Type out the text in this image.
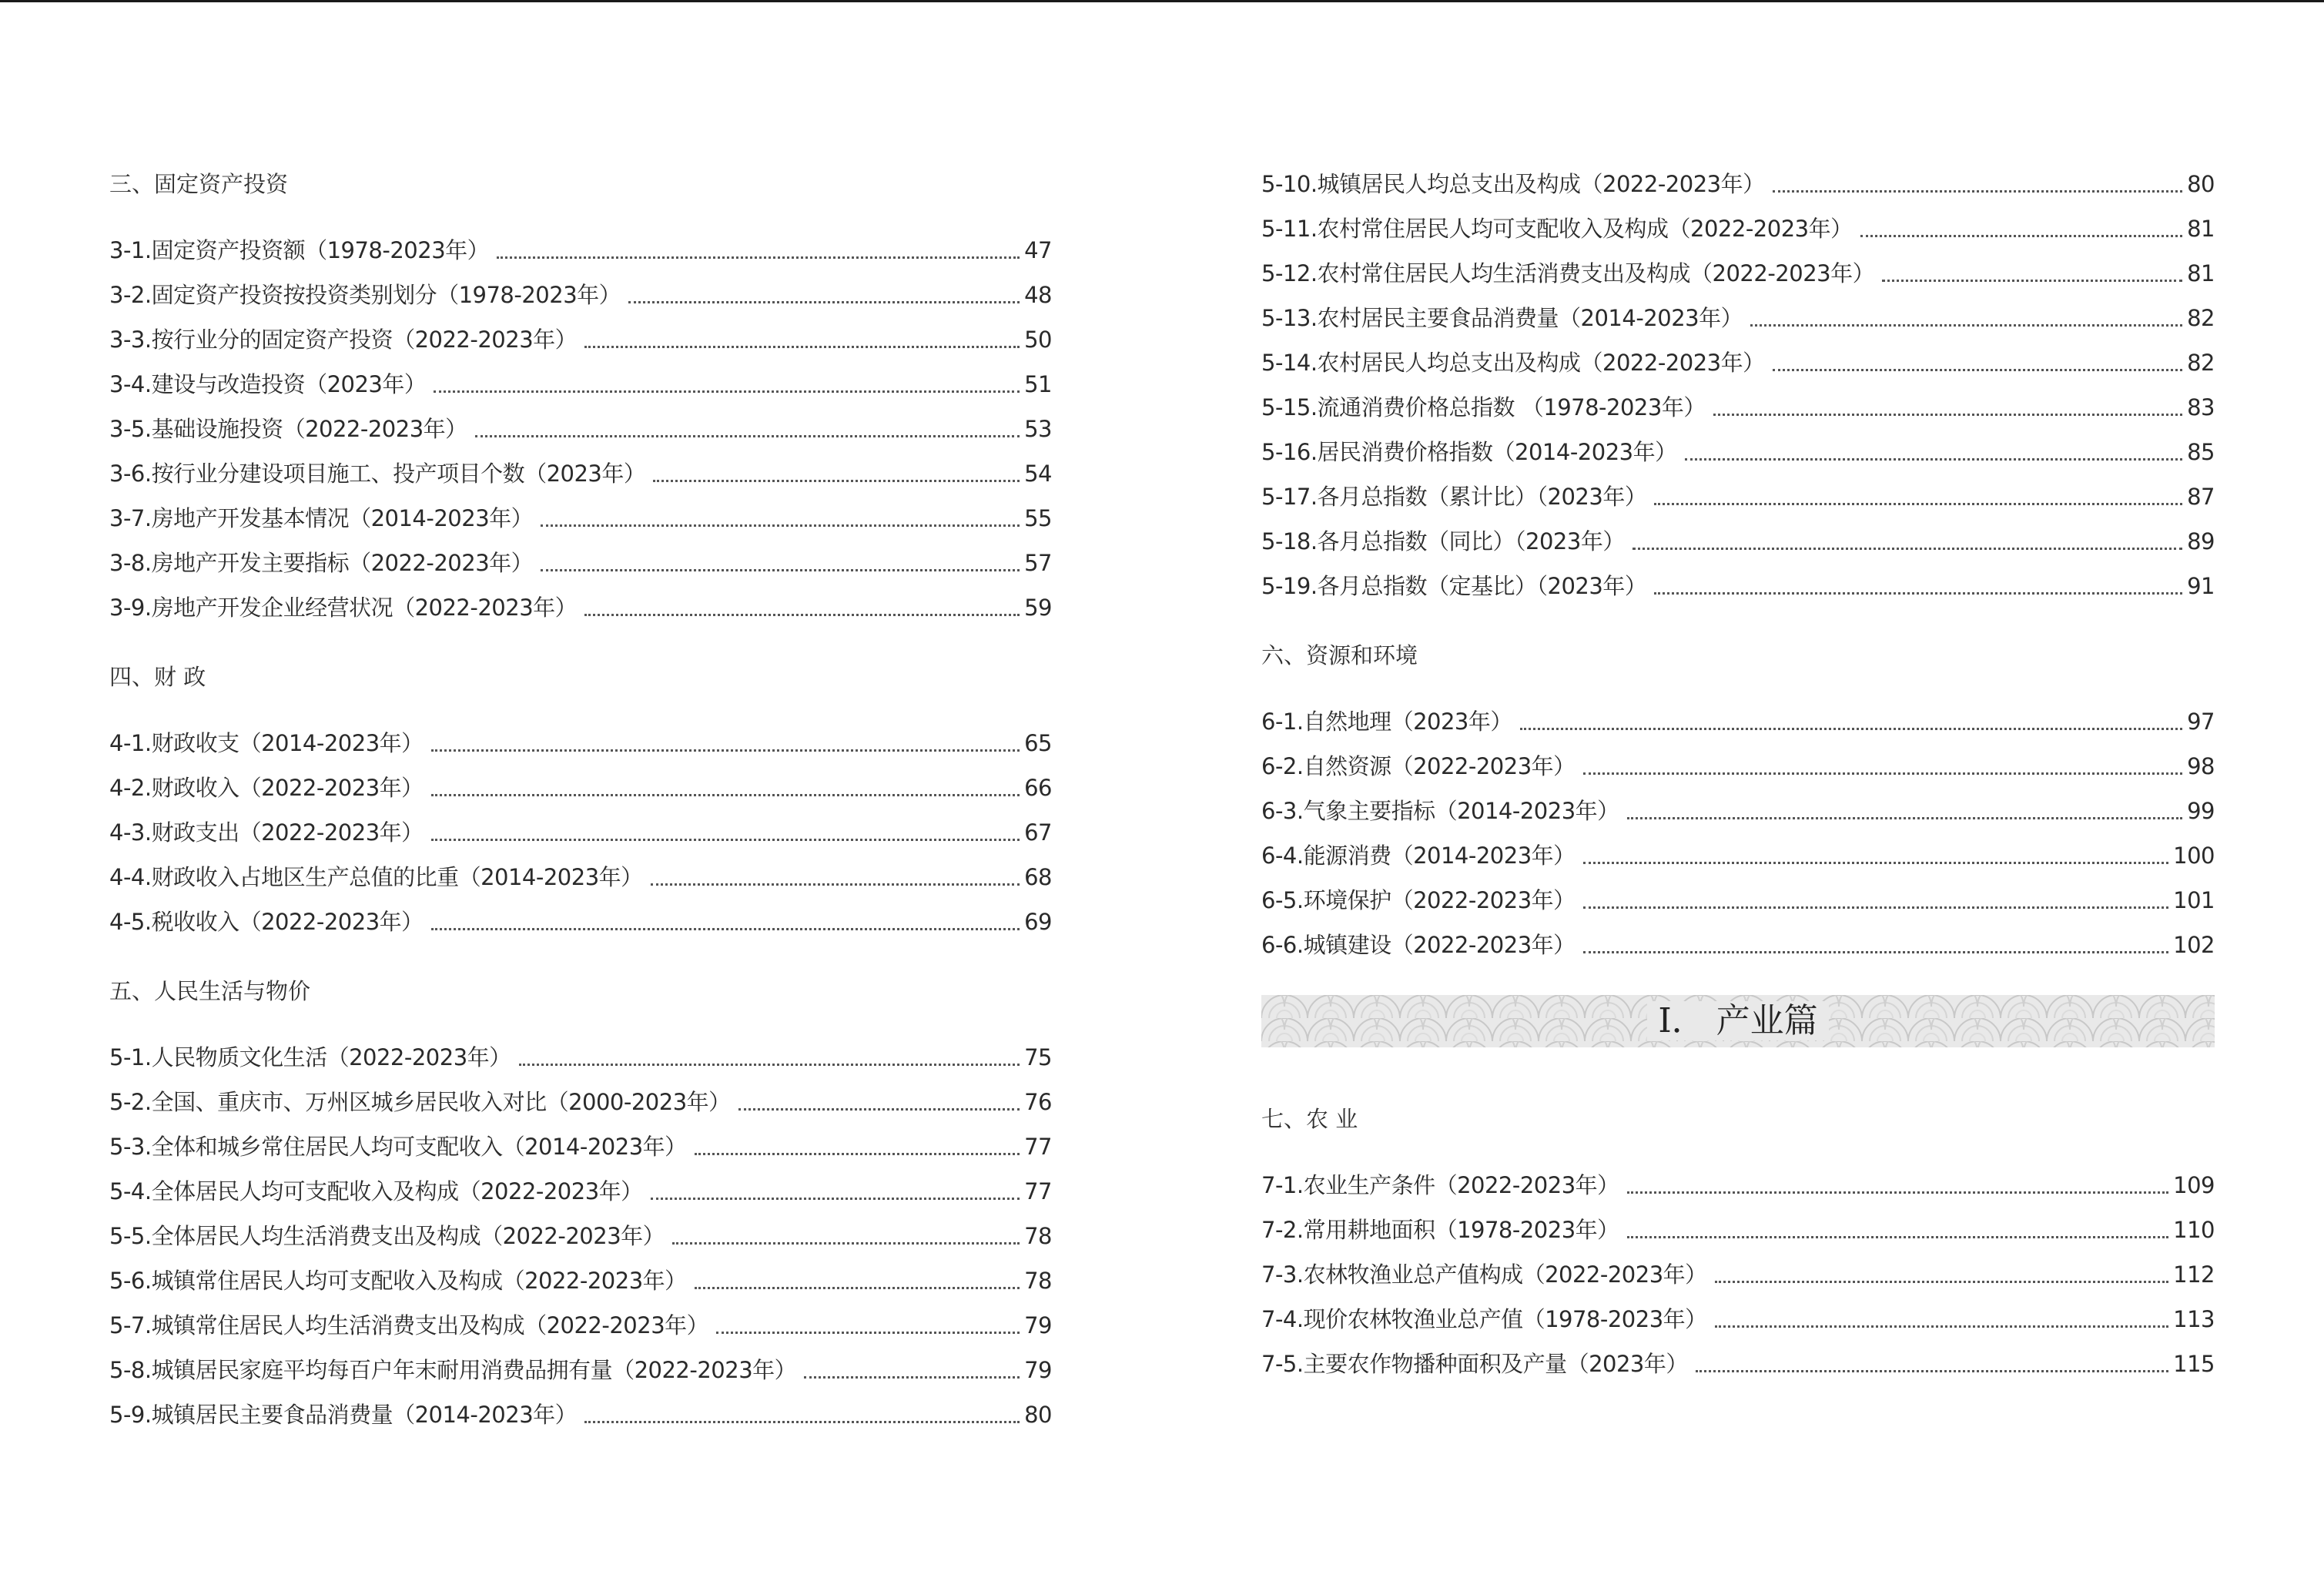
三、固定资产投资
3-1.固定资产投资额（1978-2023年）	47
3-2.固定资产投资按投资类别划分（1978-2023年）	48
3-3.按行业分的固定资产投资（2022-2023年）	50
3-4.建设与改造投资（2023年）	51
3-5.基础设施投资（2022-2023年）	53
3-6.按行业分建设项目施工、投产项目个数（2023年）	54
3-7.房地产开发基本情况（2014-2023年）	55
3-8.房地产开发主要指标（2022-2023年）	57
3-9.房地产开发企业经营状况（2022-2023年）	59
四、财 政
4-1.财政收支（2014-2023年）	65
4-2.财政收入（2022-2023年）	66
4-3.财政支出（2022-2023年）	67
4-4.财政收入占地区生产总值的比重（2014-2023年）	68
4-5.税收收入（2022-2023年）	69
五、人民生活与物价
5-1.人民物质文化生活（2022-2023年）	75
5-2.全国、重庆市、万州区城乡居民收入对比（2000-2023年）	76
5-3.全体和城乡常住居民人均可支配收入（2014-2023年）	77
5-4.全体居民人均可支配收入及构成（2022-2023年）	77
5-5.全体居民人均生活消费支出及构成（2022-2023年）	78
5-6.城镇常住居民人均可支配收入及构成（2022-2023年）	78
5-7.城镇常住居民人均生活消费支出及构成（2022-2023年）	79
5-8.城镇居民家庭平均每百户年末耐用消费品拥有量（2022-2023年）	79
5-9.城镇居民主要食品消费量（2014-2023年）	80
5-10.城镇居民人均总支出及构成（2022-2023年）	80
5-11.农村常住居民人均可支配收入及构成（2022-2023年）	81
5-12.农村常住居民人均生活消费支出及构成（2022-2023年）	81
5-13.农村居民主要食品消费量（2014-2023年）	82
5-14.农村居民人均总支出及构成（2022-2023年）	82
5-15.流通消费价格总指数 （1978-2023年）	83
5-16.居民消费价格指数（2014-2023年）	85
5-17.各月总指数（累计比）（2023年）	87
5-18.各月总指数（同比）（2023年）	89
5-19.各月总指数（定基比）（2023年）	91
六、资源和环境
6-1.自然地理（2023年）	97
6-2.自然资源（2022-2023年）	98
6-3.气象主要指标（2014-2023年）	99
6-4.能源消费（2014-2023年）	100
6-5.环境保护（2022-2023年）	101
6-6.城镇建设（2022-2023年）	102
Ⅰ． 产业篇
七、农 业
7-1.农业生产条件（2022-2023年）	109
7-2.常用耕地面积（1978-2023年）	110
7-3.农林牧渔业总产值构成（2022-2023年）	112
7-4.现价农林牧渔业总产值（1978-2023年）	113
7-5.主要农作物播种面积及产量（2023年）	115
